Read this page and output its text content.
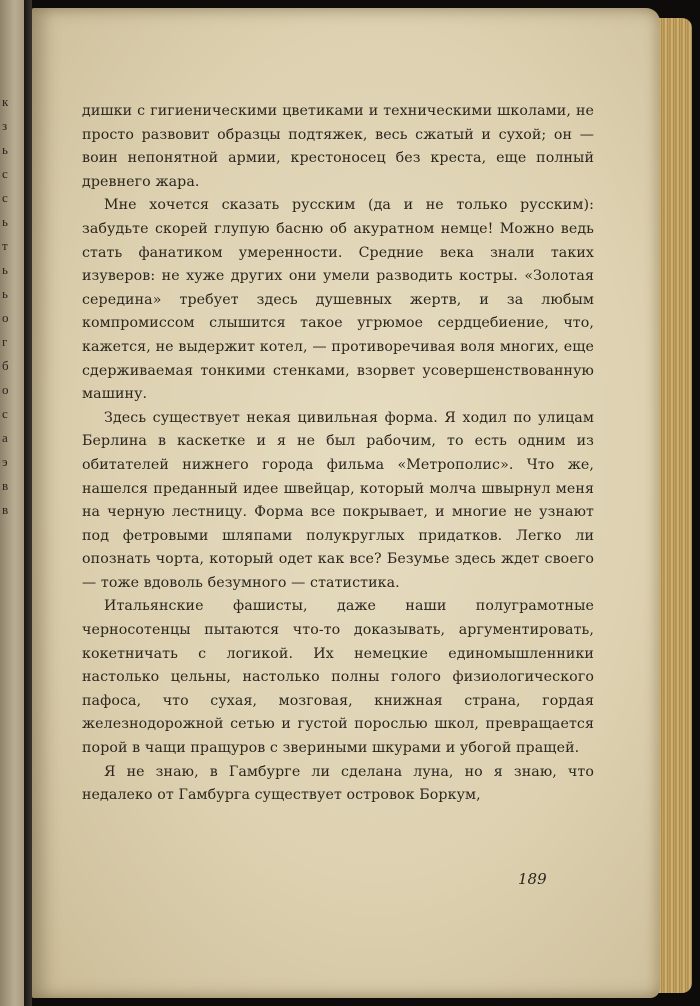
к
з
ь
с
с
ь
т
ь
ь
о
г
б
о
с
а
э
в
в

дишки с гигиеническими цветиками и техническими школами, не просто развовит образцы подтяжек, весь сжатый и сухой; он — воин непонятной армии, крестоносец без креста, еще полный древнего жара.

Мне хочется сказать русским (да и не только русским): забудьте скорей глупую басню об акуратном немце! Можно ведь стать фанатиком умеренности. Средние века знали таких изуверов: не хуже других они умели разводить костры. «Золотая середина» требует здесь душевных жертв, и за любым компромиссом слышится такое угрюмое сердцебиение, что, кажется, не выдержит котел, — противоречивая воля многих, еще сдерживаемая тонкими стенками, взорвет усовершенствованную машину.

Здесь существует некая цивильная форма. Я ходил по улицам Берлина в каскетке и я не был рабочим, то есть одним из обитателей нижнего города фильма «Метрополис». Что же, нашелся преданный идее швейцар, который молча швырнул меня на черную лестницу. Форма все покрывает, и многие не узнают под фетровыми шляпами полукруглых придатков. Легко ли опознать чорта, который одет как все? Безумье здесь ждет своего — тоже вдоволь безумного — статистика.

Итальянские фашисты, даже наши полуграмотные черносотенцы пытаются что-то доказывать, аргументировать, кокетничать с логикой. Их немецкие единомышленники настолько цельны, настолько полны голого физиологического пафоса, что сухая, мозговая, книжная страна, гордая железнодорожной сетью и густой порослью школ, превращается порой в чащи пращуров с звериными шкурами и убогой пращей.

Я не знаю, в Гамбурге ли сделана луна, но я знаю, что недалеко от Гамбурга существует островок Боркум,

189
